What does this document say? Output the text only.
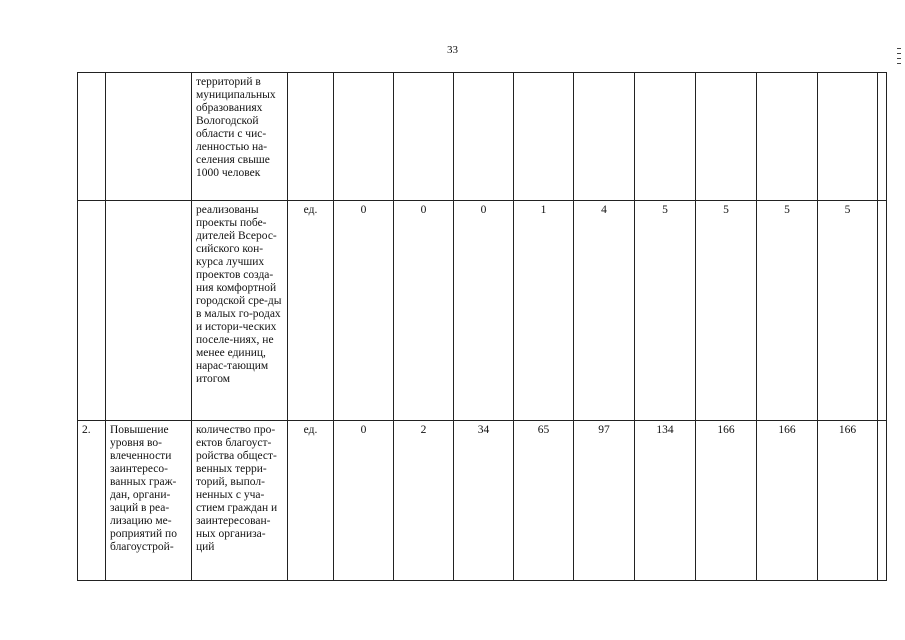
33
		территорий в муниципальных образованиях Вологодской области с чис-ленностью на-селения свыше 1000 человек											
		реализованы проекты побе-дителей Всерос-сийского кон-курса лучших проектов созда-ния комфортной городской сре-ды в малых го-родах и истори-ческих поселе-ниях, не менее единиц, нарас-тающим итогом	ед.	0	0	0	1	4	5	5	5	5	
2.	Повышение уровня во-влеченности заинтересо-ванных граж-дан, органи-заций в реа-лизацию ме-роприятий по благоустрой-	количество про-ектов благоуст-ройства общест-венных терри-торий, выпол-ненных с уча-стием граждан и заинтересован-ных организа-ций	ед.	0	2	34	65	97	134	166	166	166	
